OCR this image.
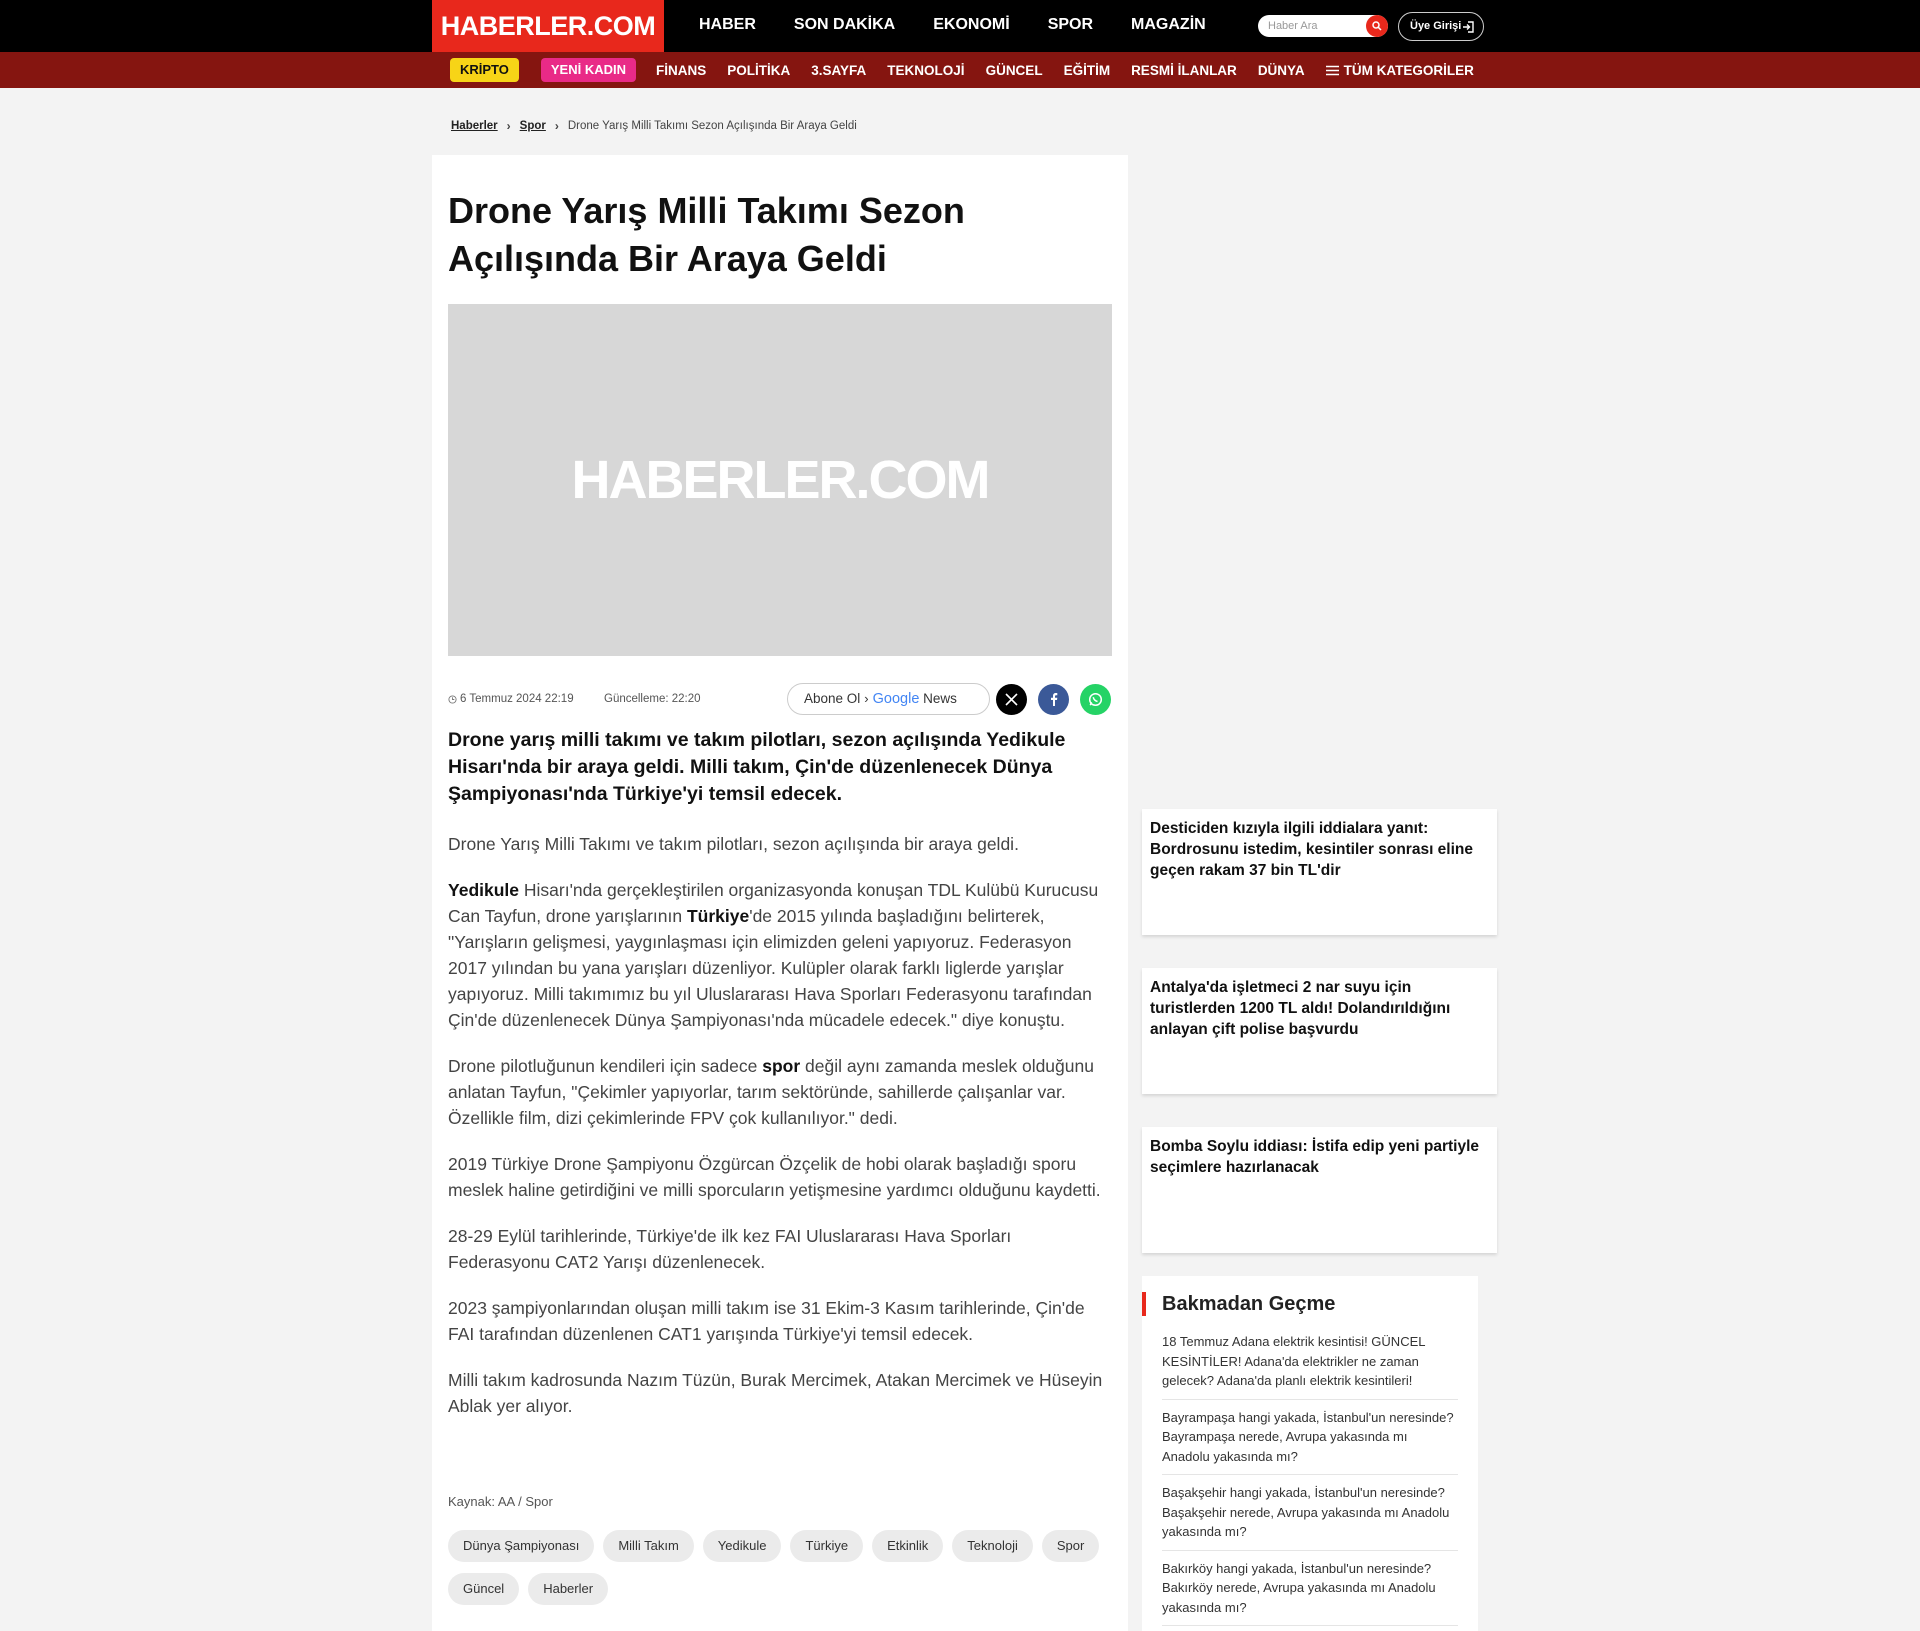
HABERLER.COM	HABER	SON DAKİKA	EKONOMİ	SPOR	MAGAZİN	Haber Ara	Üye Girişi
KRİPTO	YENİ KADIN	FİNANS POLİTİKA 3.SAYFA TEKNOLOJİ GÜNCEL EĞİTİM RESMİ İLANLAR DÜNYA	TÜM KATEGORİLER
Haberler › Spor › Drone Yarış Milli Takımı Sezon Açılışında Bir Araya Geldi
Drone Yarış Milli Takımı Sezon Açılışında Bir Araya Geldi
HABERLER.COM
6 Temmuz 2024 22:19	Güncelleme: 22:20	Abone Ol › Google News
Drone yarış milli takımı ve takım pilotları, sezon açılışında Yedikule Hisarı'nda bir araya geldi. Milli takım, Çin'de düzenlenecek Dünya Şampiyonası'nda Türkiye'yi temsil edecek.

Drone Yarış Milli Takımı ve takım pilotları, sezon açılışında bir araya geldi.

Yedikule Hisarı'nda gerçekleştirilen organizasyonda konuşan TDL Kulübü Kurucusu Can Tayfun, drone yarışlarının Türkiye'de 2015 yılında başladığını belirterek, "Yarışların gelişmesi, yaygınlaşması için elimizden geleni yapıyoruz. Federasyon 2017 yılından bu yana yarışları düzenliyor. Kulüpler olarak farklı liglerde yarışlar yapıyoruz. Milli takımımız bu yıl Uluslararası Hava Sporları Federasyonu tarafından Çin'de düzenlenecek Dünya Şampiyonası'nda mücadele edecek." diye konuştu.

Drone pilotluğunun kendileri için sadece spor değil aynı zamanda meslek olduğunu anlatan Tayfun, "Çekimler yapıyorlar, tarım sektöründe, sahillerde çalışanlar var. Özellikle film, dizi çekimlerinde FPV çok kullanılıyor." dedi.

2019 Türkiye Drone Şampiyonu Özgürcan Özçelik de hobi olarak başladığı sporu meslek haline getirdiğini ve milli sporcuların yetişmesine yardımcı olduğunu kaydetti.

28-29 Eylül tarihlerinde, Türkiye'de ilk kez FAI Uluslararası Hava Sporları Federasyonu CAT2 Yarışı düzenlenecek.

2023 şampiyonlarından oluşan milli takım ise 31 Ekim-3 Kasım tarihlerinde, Çin'de FAI tarafından düzenlenen CAT1 yarışında Türkiye'yi temsil edecek.

Milli takım kadrosunda Nazım Tüzün, Burak Mercimek, Atakan Mercimek ve Hüseyin Ablak yer alıyor.

Kaynak: AA / Spor
Dünya Şampiyonası	Milli Takım	Yedikule	Türkiye	Etkinlik	Teknoloji	Spor
Güncel	Haberler
Desticiden kızıyla ilgili iddialara yanıt: Bordrosunu istedim, kesintiler sonrası eline geçen rakam 37 bin TL'dir
Antalya'da işletmeci 2 nar suyu için turistlerden 1200 TL aldı! Dolandırıldığını anlayan çift polise başvurdu
Bomba Soylu iddiası: İstifa edip yeni partiyle seçimlere hazırlanacak
Bakmadan Geçme
18 Temmuz Adana elektrik kesintisi! GÜNCEL KESİNTİLER! Adana'da elektrikler ne zaman gelecek? Adana'da planlı elektrik kesintileri!
Bayrampaşa hangi yakada, İstanbul'un neresinde? Bayrampaşa nerede, Avrupa yakasında mı Anadolu yakasında mı?
Başakşehir hangi yakada, İstanbul'un neresinde? Başakşehir nerede, Avrupa yakasında mı Anadolu yakasında mı?
Bakırköy hangi yakada, İstanbul'un neresinde? Bakırköy nerede, Avrupa yakasında mı Anadolu yakasında mı?
